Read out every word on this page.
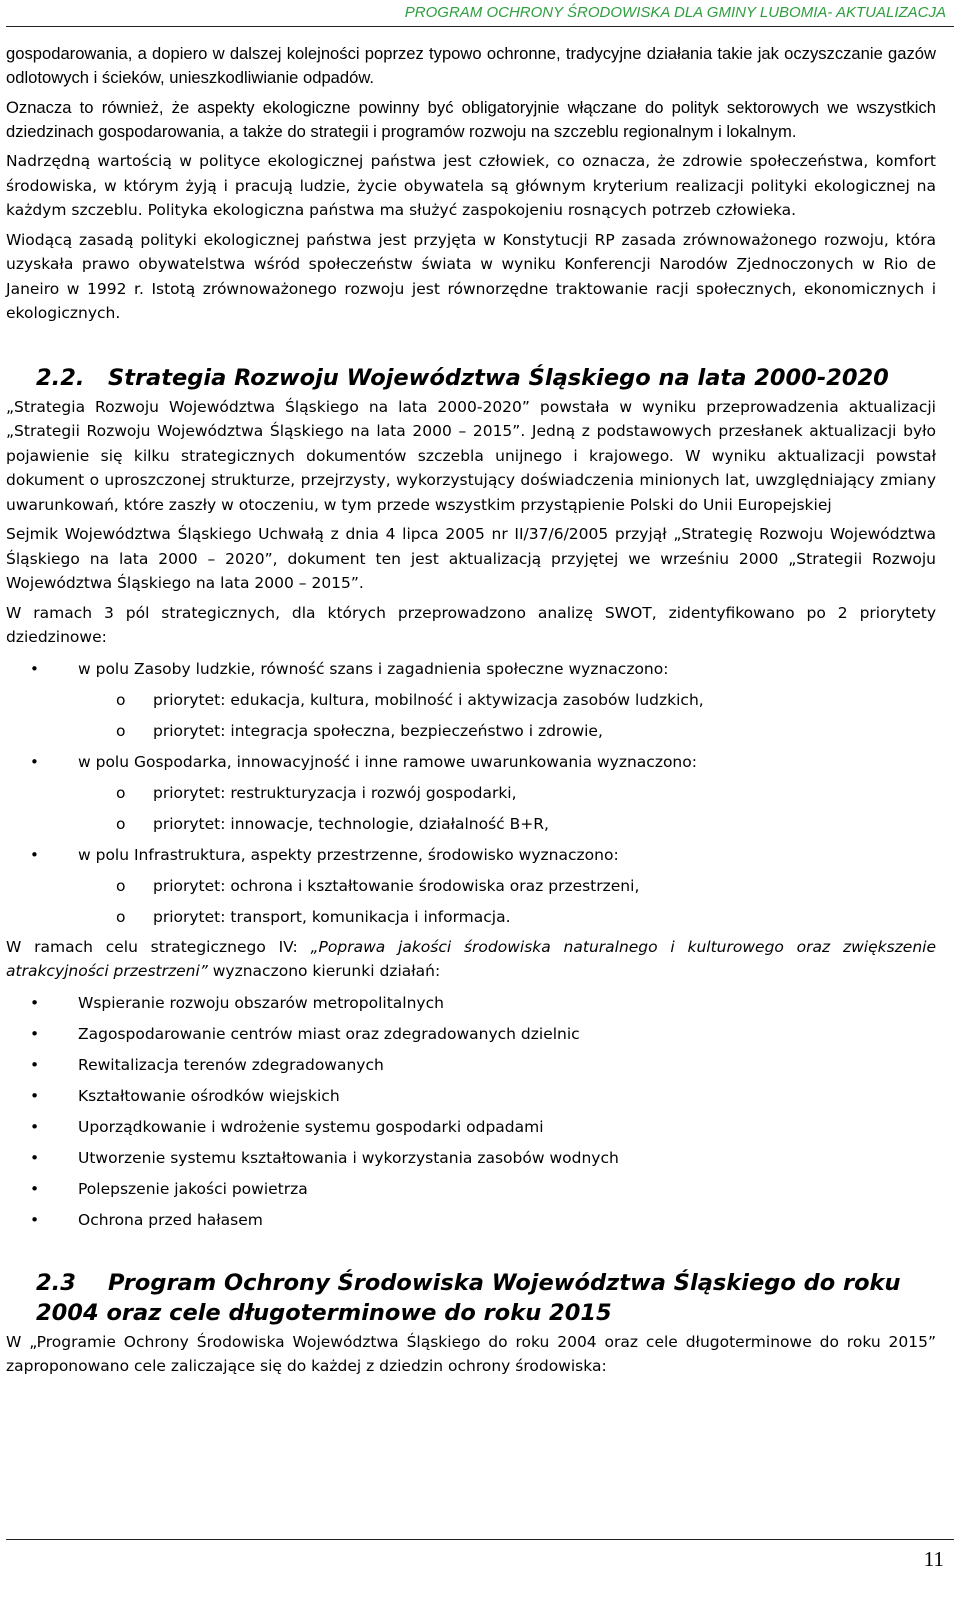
PROGRAM OCHRONY ŚRODOWISKA DLA GMINY LUBOMIA- AKTUALIZACJA

gospodarowania, a dopiero w dalszej kolejności poprzez typowo ochronne, tradycyjne działania takie jak oczyszczanie gazów odlotowych i ścieków, unieszkodliwianie odpadów.

Oznacza to również, że aspekty ekologiczne powinny być obligatoryjnie włączane do polityk sektorowych we wszystkich dziedzinach gospodarowania, a także do strategii i programów rozwoju na szczeblu regionalnym i lokalnym.

Nadrzędną wartością w polityce ekologicznej państwa jest człowiek, co oznacza, że zdrowie społeczeństwa, komfort środowiska, w którym żyją i pracują ludzie, życie obywatela są głównym kryterium realizacji polityki ekologicznej na każdym szczeblu. Polityka ekologiczna państwa ma służyć zaspokojeniu rosnących potrzeb człowieka.

Wiodącą zasadą polityki ekologicznej państwa jest przyjęta w Konstytucji RP zasada zrównoważonego rozwoju, która uzyskała prawo obywatelstwa wśród społeczeństw świata w wyniku Konferencji Narodów Zjednoczonych w Rio de Janeiro w 1992 r. Istotą zrównoważonego rozwoju jest równorzędne traktowanie racji społecznych, ekonomicznych i ekologicznych.

2.2. Strategia Rozwoju Województwa Śląskiego na lata 2000-2020

„Strategia Rozwoju Województwa Śląskiego na lata 2000-2020” powstała w wyniku przeprowadzenia aktualizacji „Strategii Rozwoju Województwa Śląskiego na lata 2000 – 2015”. Jedną z podstawowych przesłanek aktualizacji było pojawienie się kilku strategicznych dokumentów szczebla unijnego i krajowego. W wyniku aktualizacji powstał dokument o uproszczonej strukturze, przejrzysty, wykorzystujący doświadczenia minionych lat, uwzględniający zmiany uwarunkowań, które zaszły w otoczeniu, w tym przede wszystkim przystąpienie Polski do Unii Europejskiej

Sejmik Województwa Śląskiego Uchwałą z dnia 4 lipca 2005 nr II/37/6/2005 przyjął „Strategię Rozwoju Województwa Śląskiego na lata 2000 – 2020”, dokument ten jest aktualizacją przyjętej we wrześniu 2000 „Strategii Rozwoju Województwa Śląskiego na lata 2000 – 2015”.

W ramach 3 pól strategicznych, dla których przeprowadzono analizę SWOT, zidentyfikowano po 2 priorytety dziedzinowe:

• w polu Zasoby ludzkie, równość szans i zagadnienia społeczne wyznaczono:
o priorytet: edukacja, kultura, mobilność i aktywizacja zasobów ludzkich,
o priorytet: integracja społeczna, bezpieczeństwo i zdrowie,
• w polu Gospodarka, innowacyjność i inne ramowe uwarunkowania wyznaczono:
o priorytet: restrukturyzacja i rozwój gospodarki,
o priorytet: innowacje, technologie, działalność B+R,
• w polu Infrastruktura, aspekty przestrzenne, środowisko wyznaczono:
o priorytet: ochrona i kształtowanie środowiska oraz przestrzeni,
o priorytet: transport, komunikacja i informacja.

W ramach celu strategicznego IV: „Poprawa jakości środowiska naturalnego i kulturowego oraz zwiększenie atrakcyjności przestrzeni” wyznaczono kierunki działań:

• Wspieranie rozwoju obszarów metropolitalnych
• Zagospodarowanie centrów miast oraz zdegradowanych dzielnic
• Rewitalizacja terenów zdegradowanych
• Kształtowanie ośrodków wiejskich
• Uporządkowanie i wdrożenie systemu gospodarki odpadami
• Utworzenie systemu kształtowania i wykorzystania zasobów wodnych
• Polepszenie jakości powietrza
• Ochrona przed hałasem
2.3 Program Ochrony Środowiska Województwa Śląskiego do roku
2004 oraz cele długoterminowe do roku 2015

W „Programie Ochrony Środowiska Województwa Śląskiego do roku 2004 oraz cele długoterminowe do roku 2015” zaproponowano cele zaliczające się do każdej z dziedzin ochrony środowiska:

11
